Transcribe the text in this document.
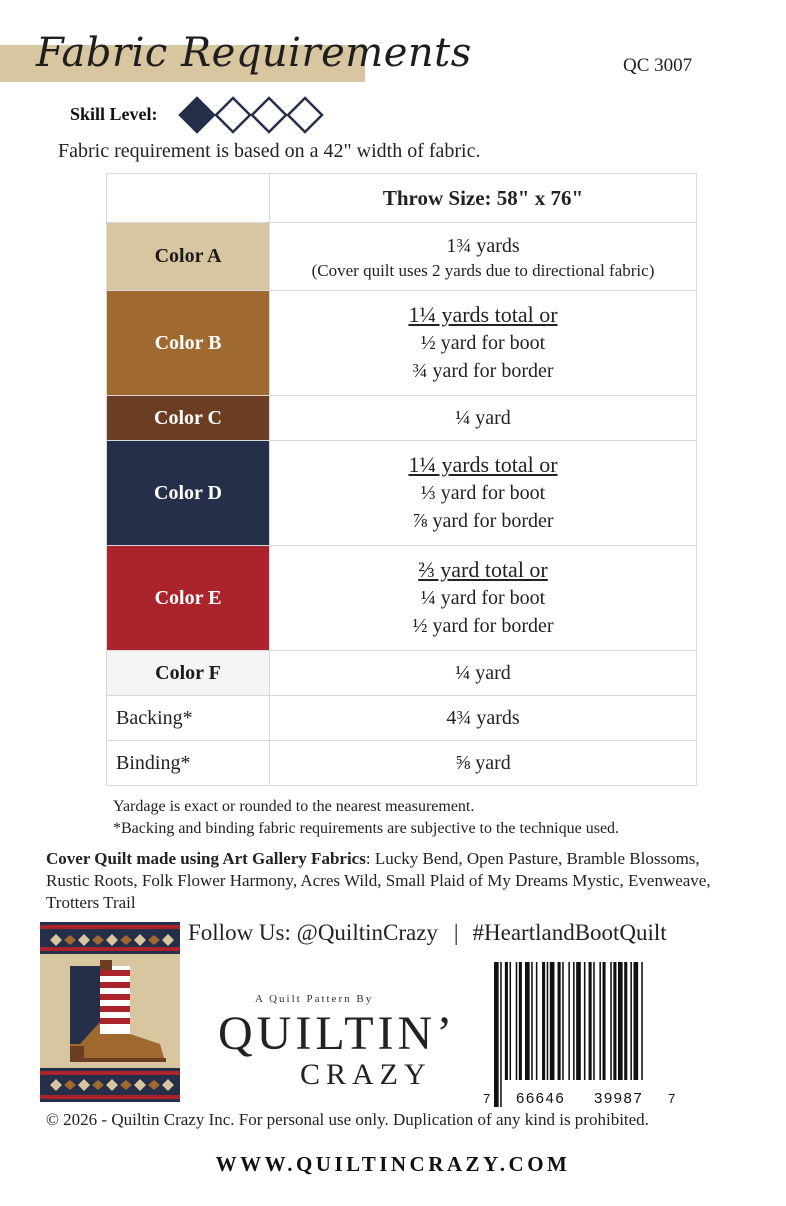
Fabric Requirements	QC 3007
Skill Level:
Fabric requirement is based on a 42" width of fabric.
	Throw Size: 58" x 76"
Color A	1¾ yards
(Cover quilt uses 2 yards due to directional fabric)

Color B	1¼ yards total or
½ yard for boot
¾ yard for border

Color C	¼ yard

Color D	1¼ yards total or
⅓ yard for boot
⅞ yard for border

Color E	⅔ yard total or
¼ yard for boot
½ yard for border

Color F	¼ yard

Backing*	4¾ yards

Binding*	⅝ yard
Yardage is exact or rounded to the nearest measurement.
*Backing and binding fabric requirements are subjective to the technique used.
Cover Quilt made using Art Gallery Fabrics: Lucky Bend, Open Pasture, Bramble Blossoms, Rustic Roots, Folk Flower Harmony, Acres Wild, Small Plaid of My Dreams Mystic, Evenweave, Trotters Trail
Follow Us: @QuiltinCrazy | #HeartlandBootQuilt
A Quilt Pattern By
QUILTIN’
CRAZY
7 66646 39987 7
© 2026 - Quiltin Crazy Inc. For personal use only. Duplication of any kind is prohibited.
WWW.QUILTINCRAZY.COM
